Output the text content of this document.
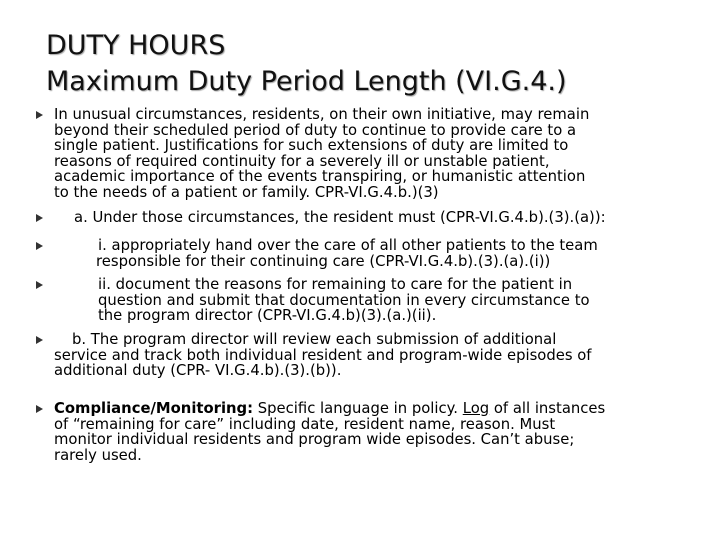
DUTY HOURS
Maximum Duty Period Length (VI.G.4.)
In unusual circumstances, residents, on their own initiative, may remain
beyond their scheduled period of duty to continue to provide care to a
single patient. Justifications for such extensions of duty are limited to
reasons of required continuity for a severely ill or unstable patient,
academic importance of the events transpiring, or humanistic attention
to the needs of a patient or family. CPR-VI.G.4.b.)(3)
a. Under those circumstances, the resident must (CPR-VI.G.4.b).(3).(a)):
i. appropriately hand over the care of all other patients to the team
responsible for their continuing care (CPR-VI.G.4.b).(3).(a).(i))
ii. document the reasons for remaining to care for the patient in
question and submit that documentation in every circumstance to
the program director (CPR-VI.G.4.b)(3).(a.)(ii).
b. The program director will review each submission of additional
service and track both individual resident and program-wide episodes of
additional duty (CPR- VI.G.4.b).(3).(b)).
Compliance/Monitoring: Specific language in policy. Log of all instances
of “remaining for care” including date, resident name, reason. Must
monitor individual residents and program wide episodes. Can’t abuse;
rarely used.
